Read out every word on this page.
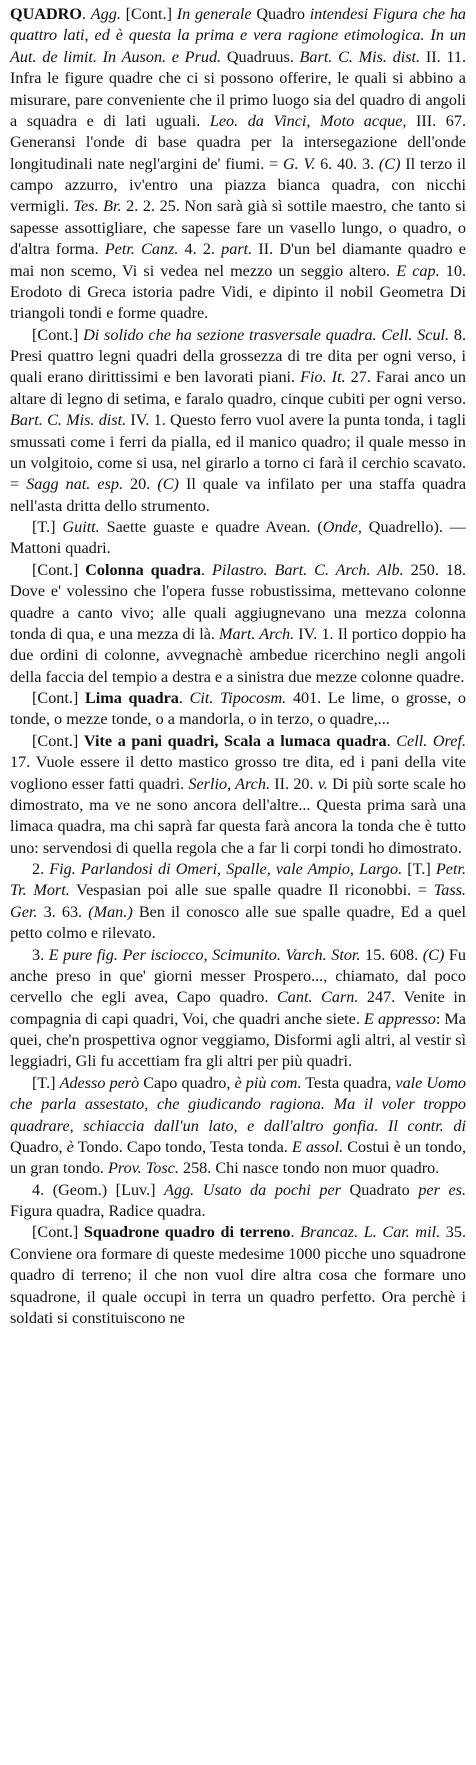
QUADRO. Agg. [Cont.] In generale Quadro intendesi Figura che ha quattro lati, ed è questa la prima e vera ragione etimologica. In un Aut. de limit. In Auson. e Prud. Quadruus. Bart. C. Mis. dist. II. 11. Infra le figure quadre che ci si possono offerire, le quali si abbino a misurare, pare conveniente che il primo luogo sia del quadro di angoli a squadra e di lati uguali. Leo. da Vinci, Moto acque, III. 67. Generansi l'onde di base quadra per la intersegazione dell'onde longitudinali nate negl'argini de' fiumi. = G. V. 6. 40. 3. (C) Il terzo il campo azzurro, iv'entro una piazza bianca quadra, con nicchi vermigli. Tes. Br. 2. 2. 25. Non sarà già sì sottile maestro, che tanto si sapesse assottigliare, che sapesse fare un vasello lungo, o quadro, o d'altra forma. Petr. Canz. 4. 2. part. II. D'un bel diamante quadro e mai non scemo, Vi si vedea nel mezzo un seggio altero. E cap. 10. Erodoto di Greca istoria padre Vidi, e dipinto il nobil Geometra Di triangoli tondi e forme quadre.

[Cont.] Di solido che ha sezione trasversale quadra. Cell. Scul. 8. Presi quattro legni quadri della grossezza di tre dita per ogni verso, i quali erano dirittissimi e ben lavorati piani. Fio. It. 27. Farai anco un altare di legno di setima, e faralo quadro, cinque cubiti per ogni verso. Bart. C. Mis. dist. IV. 1. Questo ferro vuol avere la punta tonda, i tagli smussati come i ferri da pialla, ed il manico quadro; il quale messo in un volgitoio, come si usa, nel girarlo a torno ci farà il cerchio scavato. = Sagg nat. esp. 20. (C) Il quale va infilato per una staffa quadra nell'asta dritta dello strumento.

[T.] Guitt. Saette guaste e quadre Avean. (Onde, Quadrello). — Mattoni quadri.

[Cont.] Colonna quadra. Pilastro. Bart. C. Arch. Alb. 250. 18. Dove e' volessino che l'opera fusse robustissima, mettevano colonne quadre a canto vivo; alle quali aggiugnevano una mezza colonna tonda di qua, e una mezza di là. Mart. Arch. IV. 1. Il portico doppio ha due ordini di colonne, avvegnachè ambedue ricerchino negli angoli della faccia del tempio a destra e a sinistra due mezze colonne quadre.

[Cont.] Lima quadra. Cit. Tipocosm. 401. Le lime, o grosse, o tonde, o mezze tonde, o a mandorla, o in terzo, o quadre,...

[Cont.] Vite a pani quadri, Scala a lumaca quadra. Cell. Oref. 17. Vuole essere il detto mastico grosso tre dita, ed i pani della vite vogliono esser fatti quadri. Serlio, Arch. II. 20. v. Di più sorte scale ho dimostrato, ma ve ne sono ancora dell'altre... Questa prima sarà una limaca quadra, ma chi saprà far questa farà ancora la tonda che è tutto uno: servendosi di quella regola che a far li corpi tondi ho dimostrato.

2. Fig. Parlandosi di Omeri, Spalle, vale Ampio, Largo. [T.] Petr. Tr. Mort. Vespasian poi alle sue spalle quadre Il riconobbi. = Tass. Ger. 3. 63. (Man.) Ben il conosco alle sue spalle quadre, Ed a quel petto colmo e rilevato.

3. E pure fig. Per isciocco, Scimunito. Varch. Stor. 15. 608. (C) Fu anche preso in que' giorni messer Prospero..., chiamato, dal poco cervello che egli avea, Capo quadro. Cant. Carn. 247. Venite in compagnia di capi quadri, Voi, che quadri anche siete. E appresso: Ma quei, che'n prospettiva ognor veggiamo, Disformi agli altri, al vestir sì leggiadri, Gli fu accettiam fra gli altri per più quadri.

[T.] Adesso però Capo quadro, è più com. Testa quadra, vale Uomo che parla assestato, che giudicando ragiona. Ma il voler troppo quadrare, schiaccia dall'un lato, e dall'altro gonfia. Il contr. di Quadro, è Tondo. Capo tondo, Testa tonda. E assol. Costui è un tondo, un gran tondo. Prov. Tosc. 258. Chi nasce tondo non muor quadro.

4. (Geom.) [Luv.] Agg. Usato da pochi per Quadrato per es. Figura quadra, Radice quadra.

[Cont.] Squadrone quadro di terreno. Brancaz. L. Car. mil. 35. Conviene ora formare di queste medesime 1000 picche uno squadrone quadro di terreno; il che non vuol dire altra cosa che formare uno squadrone, il quale occupi in terra un quadro perfetto. Ora perchè i soldati si constituiscono ne
